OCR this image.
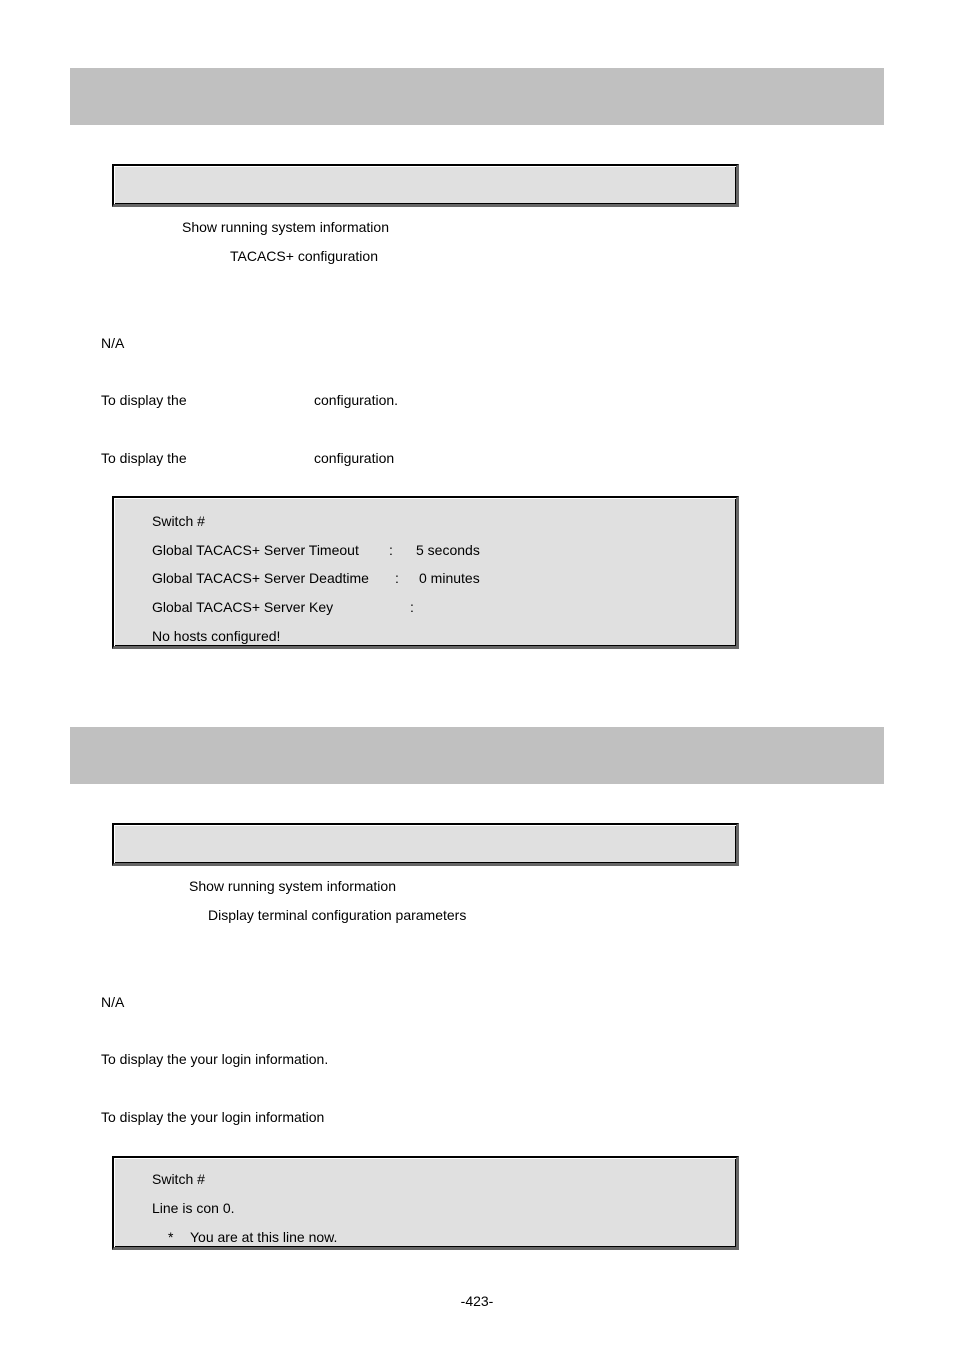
Show running system information
TACACS+ configuration
N/A
To display the	configuration.
To display the	configuration
Switch #
Global TACACS+ Server Timeout : 5 seconds
Global TACACS+ Server Deadtime : 0 minutes
Global TACACS+ Server Key	:
No hosts configured!
Show running system information
Display terminal configuration parameters
N/A
To display the your login information.
To display the your login information
Switch #
Line is con 0.
* You are at this line now.
-423-
